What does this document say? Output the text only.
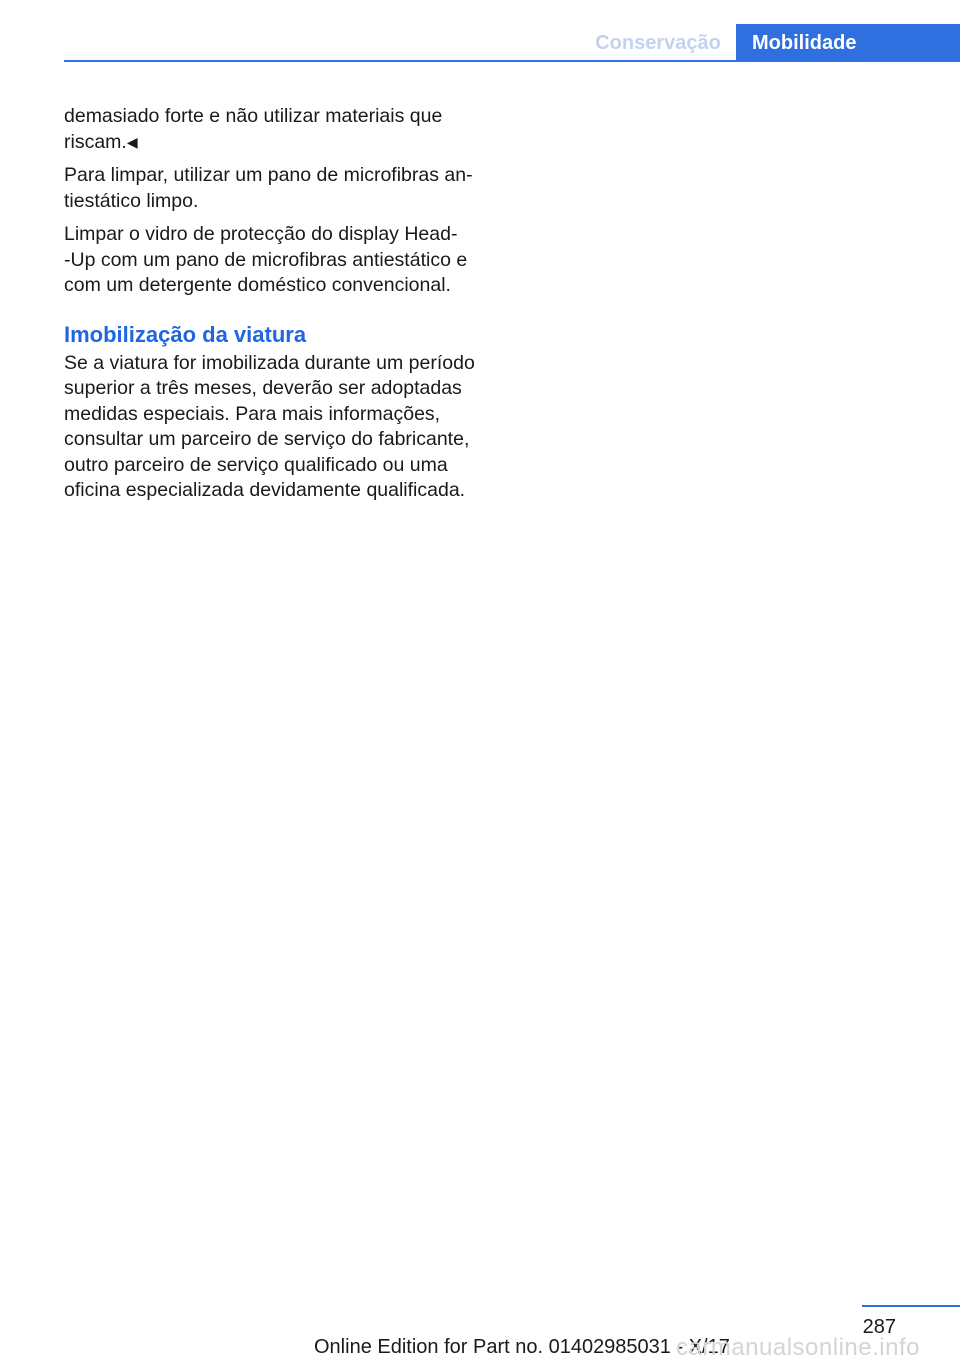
Conservação	Mobilidade

demasiado forte e não utilizar materiais que
riscam.◀

Para limpar, utilizar um pano de microfibras an‐
tiestático limpo.

Limpar o vidro de protecção do display Head-
-Up com um pano de microfibras antiestático e
com um detergente doméstico convencional.

Imobilização da viatura

Se a viatura for imobilizada durante um período
superior a três meses, deverão ser adoptadas
medidas especiais. Para mais informações,
consultar um parceiro de serviço do fabricante,
outro parceiro de serviço qualificado ou uma
oficina especializada devidamente qualificada.

287
Online Edition for Part no. 01402985031 - X/17
carmanualsonline.info
